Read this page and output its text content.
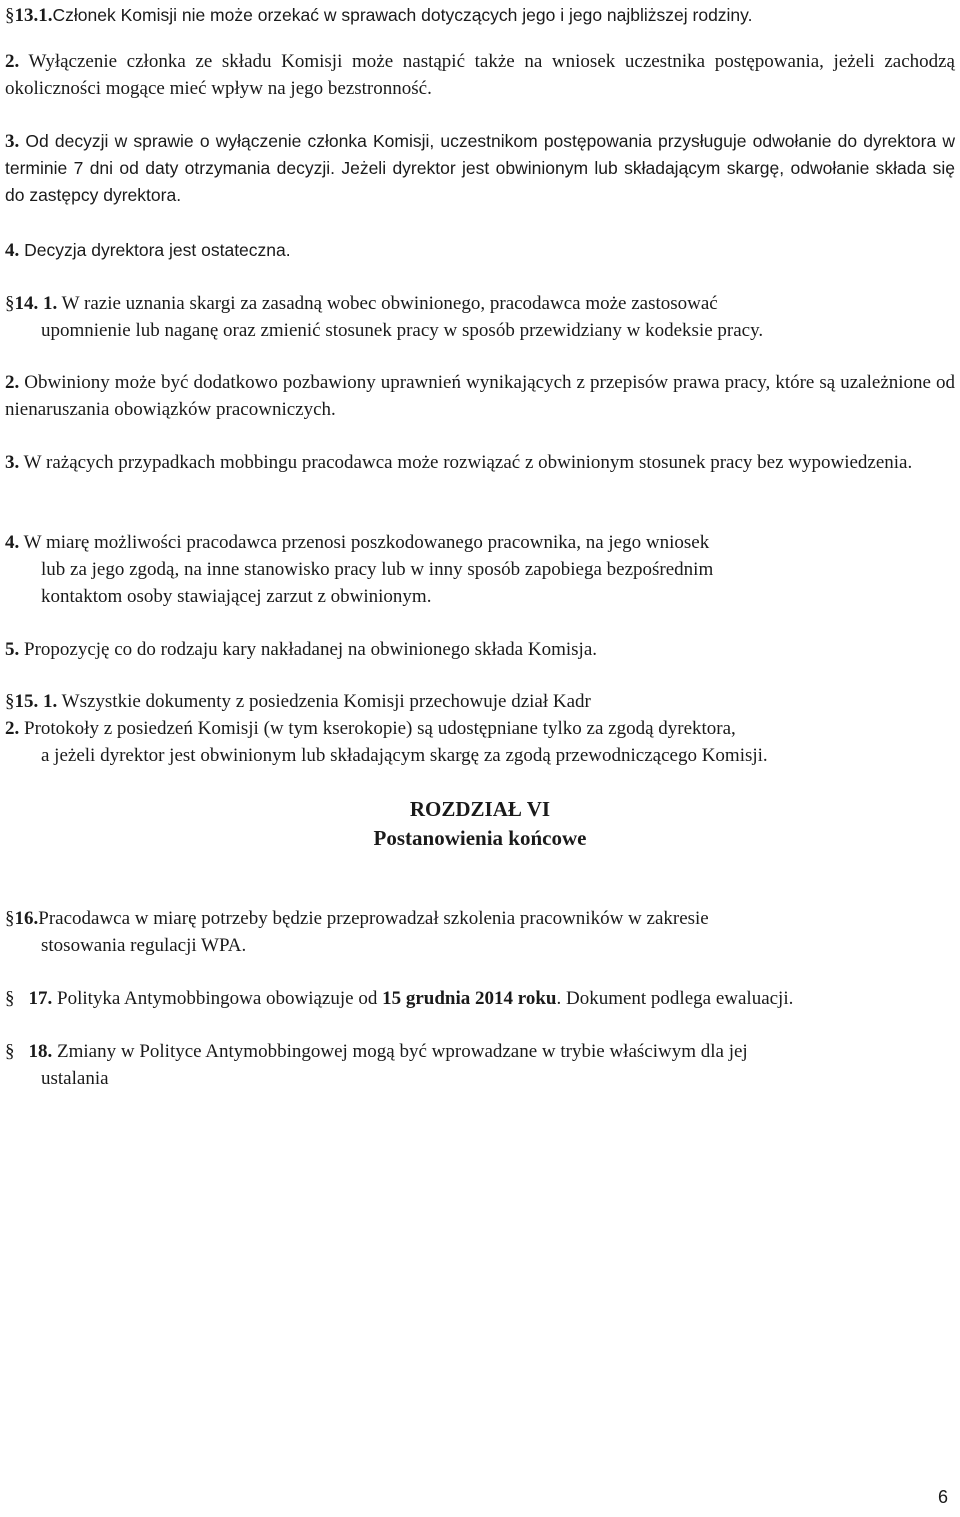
§13.1.Członek Komisji nie może orzekać w sprawach dotyczących jego i jego najbliższej rodziny.

2. Wyłączenie członka ze składu Komisji może nastąpić także na wniosek uczestnika postępowania, jeżeli zachodzą okoliczności mogące mieć wpływ na jego bezstronność.

3. Od decyzji w sprawie o wyłączenie członka Komisji, uczestnikom postępowania przysługuje odwołanie do dyrektora w terminie 7 dni od daty otrzymania decyzji. Jeżeli dyrektor jest obwinionym lub składającym skargę, odwołanie składa się do zastępcy dyrektora.

4. Decyzja dyrektora jest ostateczna.

§14. 1. W razie uznania skargi za zasadną wobec obwinionego, pracodawca może zastosować
upomnienie lub naganę oraz zmienić stosunek pracy w sposób przewidziany w kodeksie pracy.

2. Obwiniony może być dodatkowo pozbawiony uprawnień wynikających z przepisów prawa pracy, które są uzależnione od nienaruszania obowiązków pracowniczych.

3. W rażących przypadkach mobbingu pracodawca może rozwiązać z obwinionym stosunek pracy bez wypowiedzenia.

4. W miarę możliwości pracodawca przenosi poszkodowanego pracownika, na jego wniosek
lub za jego zgodą, na inne stanowisko pracy lub w inny sposób zapobiega bezpośrednim
kontaktom osoby stawiającej zarzut z obwinionym.

5. Propozycję co do rodzaju kary nakładanej na obwinionego składa Komisja.

§15. 1. Wszystkie dokumenty z posiedzenia Komisji przechowuje dział Kadr

2. Protokoły z posiedzeń Komisji (w tym kserokopie) są udostępniane tylko za zgodą dyrektora,
a jeżeli dyrektor jest obwinionym lub składającym skargę za zgodą przewodniczącego Komisji.

ROZDZIAŁ VI

Postanowienia końcowe

§16.Pracodawca w miarę potrzeby będzie przeprowadzał szkolenia pracowników w zakresie
stosowania regulacji WPA.

§ 17. Polityka Antymobbingowa obowiązuje od 15 grudnia 2014 roku. Dokument podlega ewaluacji.

§ 18. Zmiany w Polityce Antymobbingowej mogą być wprowadzane w trybie właściwym dla jej
ustalania

6
